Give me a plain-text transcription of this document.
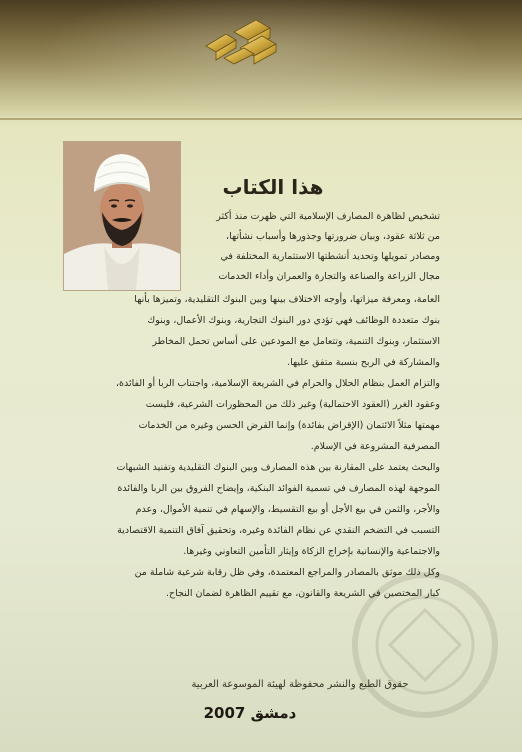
هذا الكتاب
تشخيص لظاهرة المصارف الإسلامية التي ظهرت منذ أكثر
من ثلاثة عقود، وبيان ضرورتها وجذورها وأسباب نشأتها،
ومصادر تمويلها وتحديد أنشطتها الاستثمارية المختلفة في
مجال الزراعة والصناعة والتجارة والعمران وأداء الخدمات
العامة، ومعرفة ميزاتها، وأوجه الاختلاف بينها وبين البنوك التقليدية، وتميزها بأنها
بنوك متعددة الوظائف فهي تؤدي دور البنوك التجارية، وبنوك الأعمال، وبنوك
الاستثمار، وبنوك التنمية، وتتعامل مع المودعين على أساس تحمل المخاطر
والمشاركة في الربح بنسبة متفق عليها.
والتزام العمل بنظام الحلال والحرام في الشريعة الإسلامية، واجتناب الربا أو الفائدة،
وعقود الغرر (العقود الاحتمالية) وغير ذلك من المحظورات الشرعية، فليست
مهمتها مثلاً الائتمان (الإقراض بفائدة) وإنما القرض الحسن وغيره من الخدمات
المصرفية المشروعة في الإسلام.
والبحث يعتمد على المقارنة بين هذه المصارف وبين البنوك التقليدية وتفنيد الشبهات
الموجهة لهذه المصارف في تسمية الفوائد البنكية، وإيضاح الفروق بين الربا والفائدة
والأجر، والثمن في بيع الأجل أو بيع التقسيط، والإسهام في تنمية الأموال، وعدم
التسبب في التضخم النقدي عن نظام الفائدة وغيره، وتحقيق آفاق التنمية الاقتصادية
والاجتماعية والإنسانية بإخراج الزكاة وإيثار التأمين التعاوني وغيرها.
وكل ذلك موثق بالمصادر والمراجع المعتمدة، وفي ظل رقابة شرعية شاملة من
كبار المختصين في الشريعة والقانون، مع تقييم الظاهرة لضمان النجاح.
حقوق الطبع والنشر محفوظة لهيئة الموسوعة العربية
دمشق 2007
